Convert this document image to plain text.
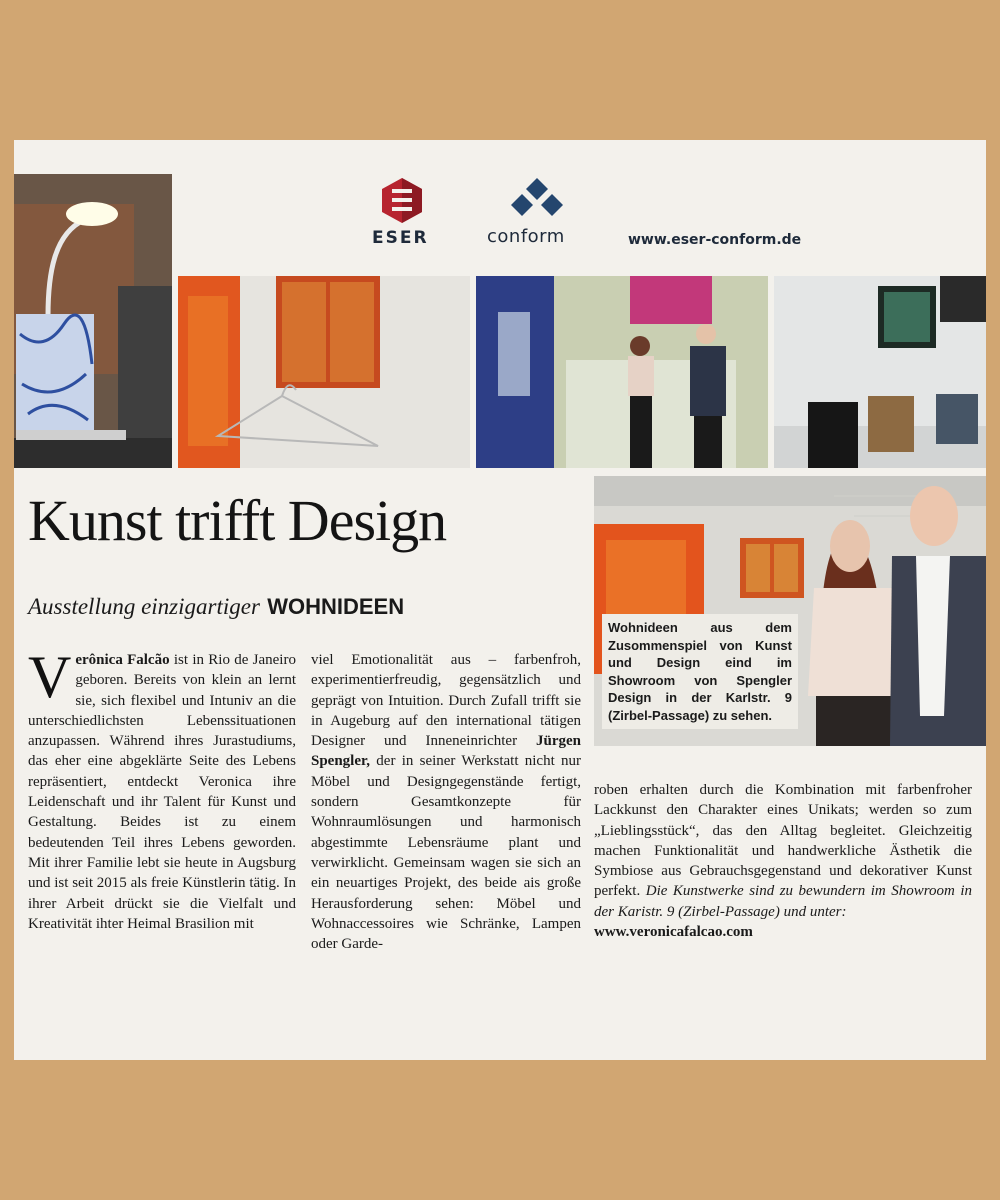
ESER	conform	www.eser-conform.de
Kunst trifft Design
Ausstellung einzigartiger WOHNIDEEN
Wohnideen aus dem Zusommenspiel von Kunst und Design eind im Showroom von Spengler Design in der Karlstr. 9 (Zirbel-Passage) zu sehen.

Verônica Falcão ist in Rio de Janeiro geboren. Bereits von klein an lernt sie, sich flexibel und Intuniv an die unterschiedlichsten Lebenssituationen anzupassen. Während ihres Jurastudiums, das eher eine abgeklärte Seite des Lebens repräsentiert, entdeckt Veronica ihre Leidenschaft und ihr Talent für Kunst und Gestaltung. Beides ist zu einem bedeutenden Teil ihres Lebens geworden. Mit ihrer Familie lebt sie heute in Augsburg und ist seit 2015 als freie Künstlerin tätig. In ihrer Arbeit drückt sie die Vielfalt und Kreativität ihter Heimal Brasilion mit

viel Emotionalität aus – farbenfroh, experimentierfreudig, gegensätzlich und geprägt von Intuition. Durch Zufall trifft sie in Augeburg auf den international tätigen Designer und Inneneinrichter Jürgen Spengler, der in seiner Werkstatt nicht nur Möbel und Designgegenstände fertigt, sondern Gesamtkonzepte für Wohnraumlösungen und harmonisch abgestimmte Lebensräume plant und verwirklicht. Gemeinsam wagen sie sich an ein neuartiges Projekt, des beide ais große Herausforderung sehen: Möbel und Wohnaccessoires wie Schränke, Lampen oder Garde-

roben erhalten durch die Kombination mit farbenfroher Lackkunst den Charakter eines Unikats; werden so zum „Lieblingsstück“, das den Alltag begleitet. Gleichzeitig machen Funktionalität und handwerkliche Ästhetik die Symbiose aus Gebrauchsgegenstand und dekorativer Kunst perfekt. Die Kunstwerke sind zu bewundern im Showroom in der Karistr. 9 (Zirbel-Passage) und unter:
www.veronicafalcao.com
